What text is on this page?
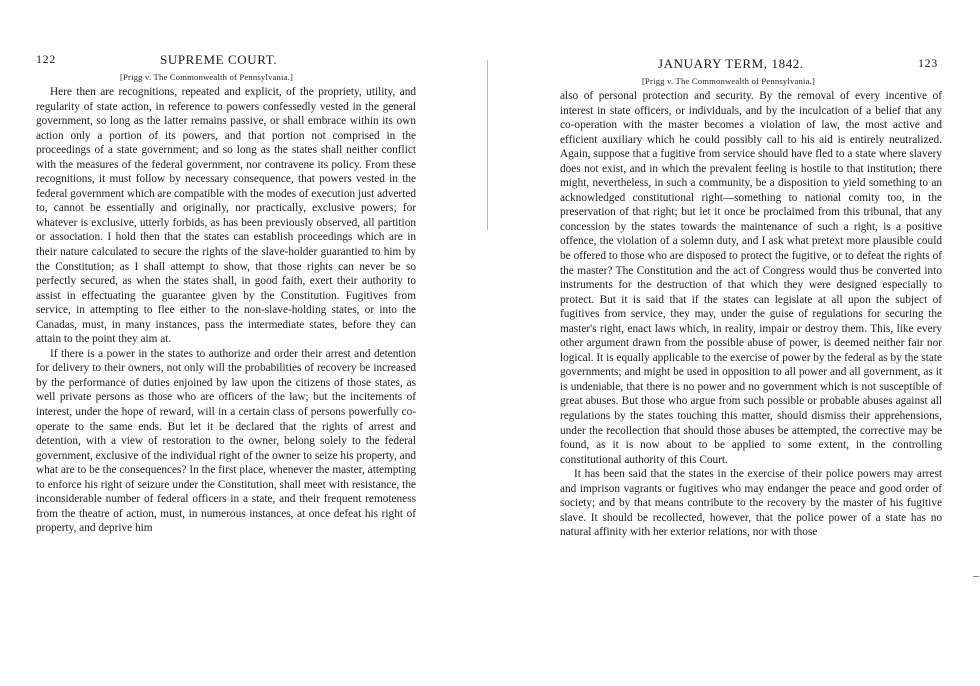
122	SUPREME COURT.
[Prigg v. The Commonwealth of Pennsylvania.]

Here then are recognitions, repeated and explicit, of the propriety, utility, and regularity of state action, in reference to powers confessedly vested in the general government, so long as the latter remains passive, or shall embrace within its own action only a portion of its powers, and that portion not comprised in the proceedings of a state government; and so long as the states shall neither conflict with the measures of the federal government, nor contravene its policy. From these recognitions, it must follow by necessary consequence, that powers vested in the federal government which are compatible with the modes of execution just adverted to, cannot be essentially and originally, nor practically, exclusive powers; for whatever is exclusive, utterly forbids, as has been previously observed, all partition or association. I hold then that the states can establish proceedings which are in their nature calculated to secure the rights of the slave-holder guarantied to him by the Constitution; as I shall attempt to show, that those rights can never be so perfectly secured, as when the states shall, in good faith, exert their authority to assist in effectuating the guarantee given by the Constitution. Fugitives from service, in attempting to flee either to the non-slave-holding states, or into the Canadas, must, in many instances, pass the intermediate states, before they can attain to the point they aim at.

If there is a power in the states to authorize and order their arrest and detention for delivery to their owners, not only will the probabilities of recovery be increased by the performance of duties enjoined by law upon the citizens of those states, as well private persons as those who are officers of the law; but the incitements of interest, under the hope of reward, will in a certain class of persons powerfully co-operate to the same ends. But let it be declared that the rights of arrest and detention, with a view of restoration to the owner, belong solely to the federal government, exclusive of the individual right of the owner to seize his property, and what are to be the consequences? In the first place, whenever the master, attempting to enforce his right of seizure under the Constitution, shall meet with resistance, the inconsiderable number of federal officers in a state, and their frequent remoteness from the theatre of action, must, in numerous instances, at once defeat his right of property, and deprive him

JANUARY TERM, 1842.	123
[Prigg v. The Commonwealth of Pennsylvania.]

also of personal protection and security. By the removal of every incentive of interest in state officers, or individuals, and by the inculcation of a belief that any co-operation with the master becomes a violation of law, the most active and efficient auxiliary which he could possibly call to his aid is entirely neutralized. Again, suppose that a fugitive from service should have fled to a state where slavery does not exist, and in which the prevalent feeling is hostile to that institution; there might, nevertheless, in such a community, be a disposition to yield something to an acknowledged constitutional right—something to national comity too, in the preservation of that right; but let it once be proclaimed from this tribunal, that any concession by the states towards the maintenance of such a right, is a positive offence, the violation of a solemn duty, and I ask what pretext more plausible could be offered to those who are disposed to protect the fugitive, or to defeat the rights of the master? The Constitution and the act of Congress would thus be converted into instruments for the destruction of that which they were designed especially to protect. But it is said that if the states can legislate at all upon the subject of fugitives from service, they may, under the guise of regulations for securing the master's right, enact laws which, in reality, impair or destroy them. This, like every other argument drawn from the possible abuse of power, is deemed neither fair nor logical. It is equally applicable to the exercise of power by the federal as by the state governments; and might be used in opposition to all power and all government, as it is undeniable, that there is no power and no government which is not susceptible of great abuses. But those who argue from such possible or probable abuses against all regulations by the states touching this matter, should dismiss their apprehensions, under the recollection that should those abuses be attempted, the corrective may be found, as it is now about to be applied to some extent, in the controlling constitutional authority of this Court.

It has been said that the states in the exercise of their police powers may arrest and imprison vagrants or fugitives who may endanger the peace and good order of society; and by that means contribute to the recovery by the master of his fugitive slave. It should be recollected, however, that the police power of a state has no natural affinity with her exterior relations, nor with those
